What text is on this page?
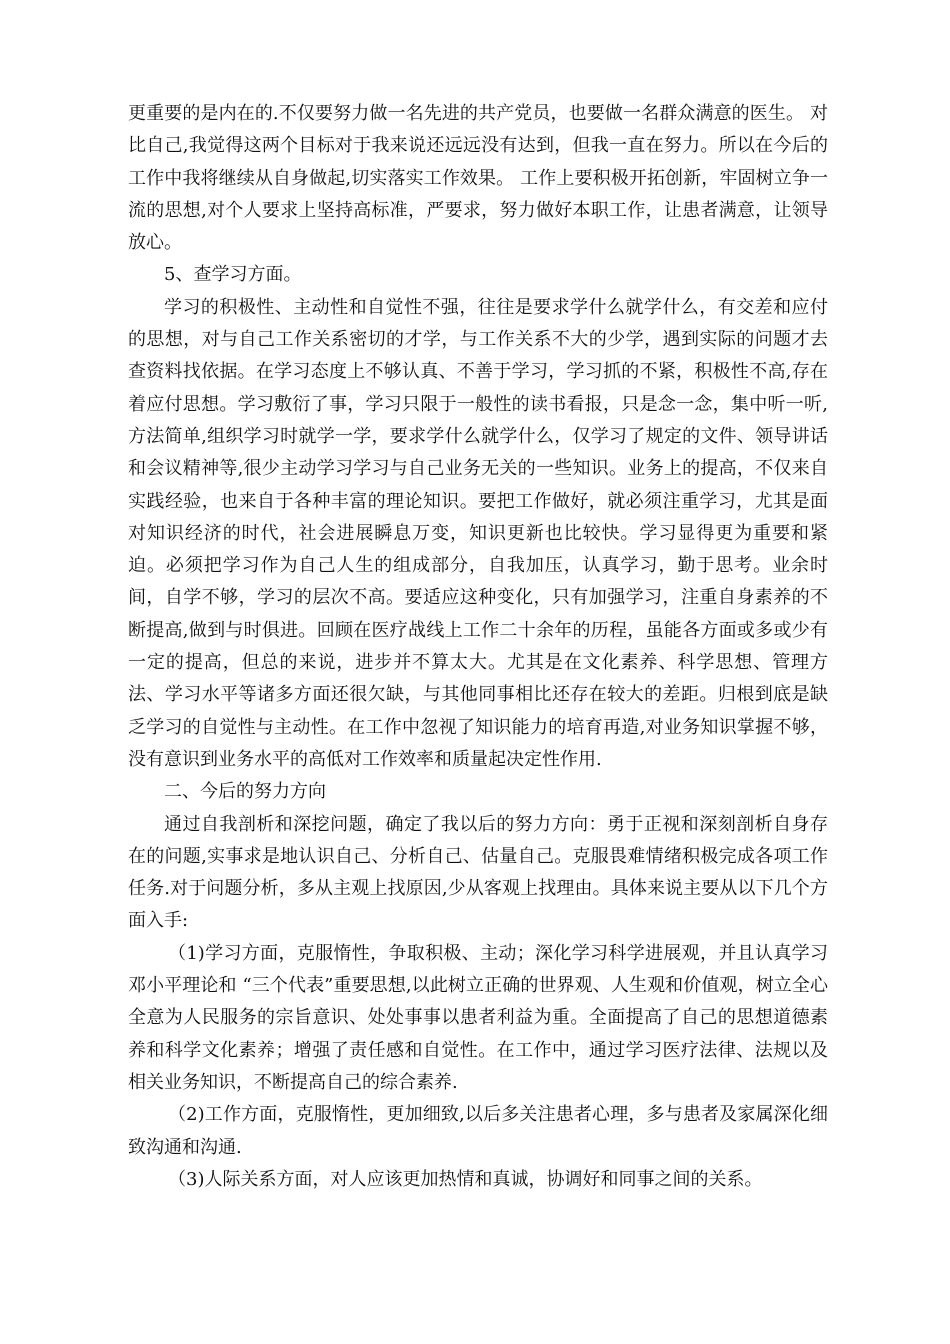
更重要的是内在的.不仅要努力做一名先进的共产党员，也要做一名群众满意的医生。 对比自己,我觉得这两个目标对于我来说还远远没有达到，但我一直在努力。所以在今后的工作中我将继续从自身做起,切实落实工作效果。 工作上要积极开拓创新，牢固树立争一流的思想,对个人要求上坚持高标准，严要求，努力做好本职工作，让患者满意，让领导放心。

5、查学习方面。

学习的积极性、主动性和自觉性不强，往往是要求学什么就学什么，有交差和应付的思想，对与自己工作关系密切的才学，与工作关系不大的少学，遇到实际的问题才去查资料找依据。在学习态度上不够认真、不善于学习，学习抓的不紧，积极性不高,存在着应付思想。学习敷衍了事，学习只限于一般性的读书看报，只是念一念，集中听一听,方法简单,组织学习时就学一学，要求学什么就学什么，仅学习了规定的文件、领导讲话和会议精神等,很少主动学习学习与自己业务无关的一些知识。业务上的提高，不仅来自实践经验，也来自于各种丰富的理论知识。要把工作做好，就必须注重学习，尤其是面对知识经济的时代，社会进展瞬息万变，知识更新也比较快。学习显得更为重要和紧迫。必须把学习作为自己人生的组成部分，自我加压，认真学习，勤于思考。业余时间，自学不够，学习的层次不高。要适应这种变化，只有加强学习，注重自身素养的不断提高,做到与时俱进。回顾在医疗战线上工作二十余年的历程，虽能各方面或多或少有一定的提高，但总的来说，进步并不算太大。尤其是在文化素养、科学思想、管理方法、学习水平等诸多方面还很欠缺，与其他同事相比还存在较大的差距。归根到底是缺乏学习的自觉性与主动性。在工作中忽视了知识能力的培育再造,对业务知识掌握不够，没有意识到业务水平的高低对工作效率和质量起决定性作用.

二、今后的努力方向

通过自我剖析和深挖问题，确定了我以后的努力方向：勇于正视和深刻剖析自身存在的问题,实事求是地认识自己、分析自己、估量自己。克服畏难情绪积极完成各项工作任务.对于问题分析，多从主观上找原因,少从客观上找理由。具体来说主要从以下几个方面入手:

（1)学习方面，克服惰性，争取积极、主动；深化学习科学进展观，并且认真学习邓小平理论和 “三个代表”重要思想,以此树立正确的世界观、人生观和价值观，树立全心全意为人民服务的宗旨意识、处处事事以患者利益为重。全面提高了自己的思想道德素养和科学文化素养；增强了责任感和自觉性。在工作中，通过学习医疗法律、法规以及相关业务知识，不断提高自己的综合素养.

（2)工作方面，克服惰性，更加细致,以后多关注患者心理，多与患者及家属深化细致沟通和沟通.

（3)人际关系方面，对人应该更加热情和真诚，协调好和同事之间的关系。
